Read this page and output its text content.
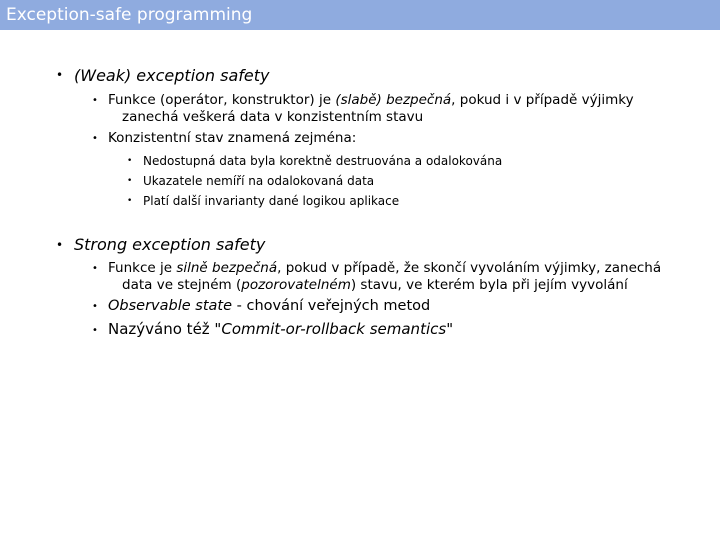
Exception-safe programming
• (Weak) exception safety
• Funkce (operátor, konstruktor) je (slabě) bezpečná, pokud i v případě výjimky
zanechá veškerá data v konzistentním stavu
• Konzistentní stav znamená zejména:
• Nedostupná data byla korektně destruována a odalokována
• Ukazatele nemíří na odalokovaná data
• Platí další invarianty dané logikou aplikace
• Strong exception safety
• Funkce je silně bezpečná, pokud v případě, že skončí vyvoláním výjimky, zanechá
data ve stejném (pozorovatelném) stavu, ve kterém byla při jejím vyvolání
• Observable state - chování veřejných metod
• Nazýváno též "Commit-or-rollback semantics"
